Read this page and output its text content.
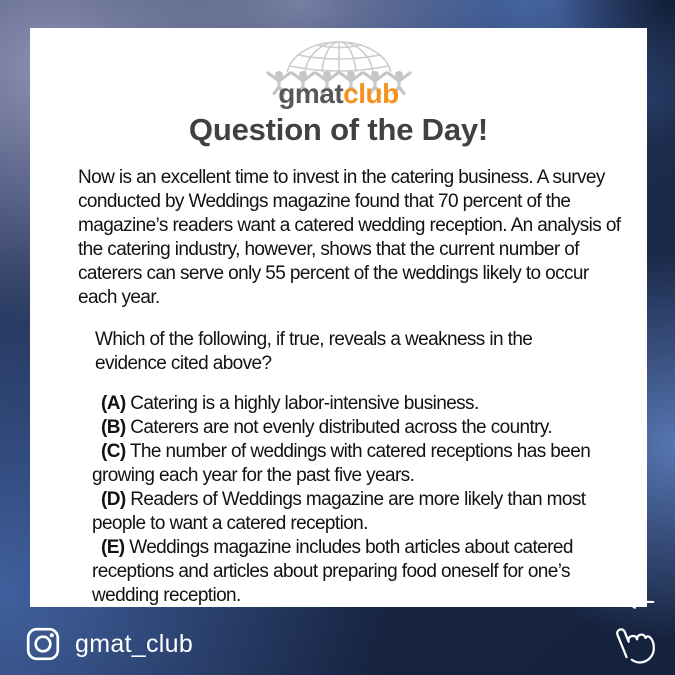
gmatclub
Question of the Day!

Now is an excellent time to invest in the catering business. A survey conducted by Weddings magazine found that 70 percent of the magazine’s readers want a catered wedding reception. An analysis of the catering industry, however, shows that the current number of caterers can serve only 55 percent of the weddings likely to occur each year.

Which of the following, if true, reveals a weakness in the evidence cited above?

(A) Catering is a highly labor-intensive business.

(B) Caterers are not evenly distributed across the country.

(C) The number of weddings with catered receptions has been growing each year for the past five years.

(D) Readers of Weddings magazine are more likely than most people to want a catered reception.

(E) Weddings magazine includes both articles about catered receptions and articles about preparing food oneself for one’s wedding reception.

gmat_club
